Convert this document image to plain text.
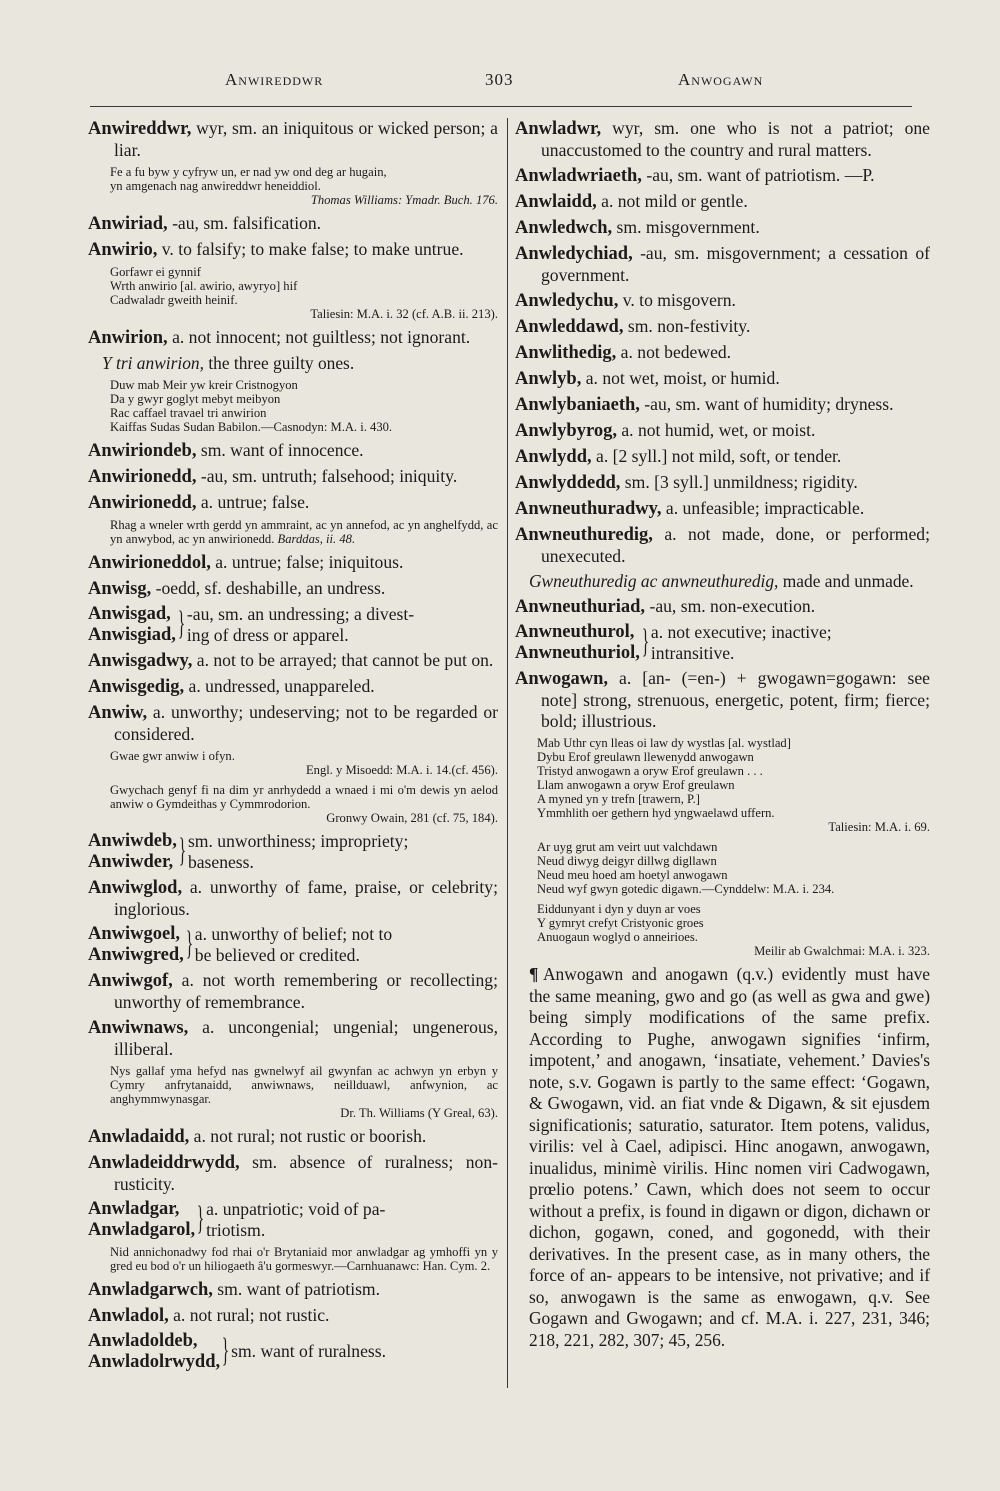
Anwireddwr	303	Anwogawn

Anwireddwr, wyr, sm. an iniquitous or wicked person; a liar.

Fe a fu byw y cyfryw un, er nad yw ond deg ar hugain,
yn amgenach nag anwireddwr heneiddiol.
Thomas Williams: Ymadr. Buch. 176.

Anwiriad, -au, sm. falsification.

Anwirio, v. to falsify; to make false; to make untrue.

Gorfawr ei gynnif
Wrth anwirio [al. awirio, awyryo] hif
Cadwaladr gweith heinif.
Taliesin: M.A. i. 32 (cf. A.B. ii. 213).

Anwirion, a. not innocent; not guiltless; not ignorant.

Y tri anwirion, the three guilty ones.

Duw mab Meir yw kreir Cristnogyon
Da y gwyr goglyt mebyt meibyon
Rac caffael travael tri anwirion
Kaiffas Sudas Sudan Babilon.—Casnodyn: M.A. i. 430.

Anwiriondeb, sm. want of innocence.

Anwirionedd, -au, sm. untruth; falsehood; iniquity.

Anwirionedd, a. untrue; false.

Rhag a wneler wrth gerdd yn ammraint, ac yn annefod, ac yn anghelfydd, ac yn anwybod, ac yn anwirionedd. Barddas, ii. 48.

Anwirioneddol, a. untrue; false; iniquitous.

Anwisg, -oedd, sf. deshabille, an undress.

Anwisgad,
Anwisgiad, } -au, sm. an undressing; a divest-
ing of dress or apparel.

Anwisgadwy, a. not to be arrayed; that cannot be put on.

Anwisgedig, a. undressed, unappareled.

Anwiw, a. unworthy; undeserving; not to be regarded or considered.

Gwae gwr anwiw i ofyn.
Engl. y Misoedd: M.A. i. 14.(cf. 456).

Gwychach genyf fi na dim yr anrhydedd a wnaed i mi o'm dewis yn aelod anwiw o Gymdeithas y Cymmrodorion.

Gronwy Owain, 281 (cf. 75, 184).

Anwiwdeb,
Anwiwder, } sm. unworthiness; impropriety;
baseness.

Anwiwglod, a. unworthy of fame, praise, or celebrity; inglorious.

Anwiwgoel,
Anwiwgred, } a. unworthy of belief; not to
be believed or credited.

Anwiwgof, a. not worth remembering or recollecting; unworthy of remembrance.

Anwiwnaws, a. uncongenial; ungenial; ungenerous, illiberal.

Nys gallaf yma hefyd nas gwnelwyf ail gwynfan ac achwyn yn erbyn y Cymry anfrytanaidd, anwiwnaws, neillduawl, anfwynion, ac anghymmwynasgar.

Dr. Th. Williams (Y Greal, 63).

Anwladaidd, a. not rural; not rustic or boorish.

Anwladeiddrwydd, sm. absence of ruralness; non-rusticity.

Anwladgar,
Anwladgarol, } a. unpatriotic; void of pa-
triotism.

Nid annichonadwy fod rhai o'r Brytaniaid mor anwladgar ag ymhoffi yn y gred eu bod o'r un hiliogaeth â'u gormeswyr.—Carnhuanawc: Han. Cym. 2.

Anwladgarwch, sm. want of patriotism.

Anwladol, a. not rural; not rustic.

Anwladoldeb,
Anwladolrwydd, } sm. want of ruralness.

Anwladwr, wyr, sm. one who is not a patriot; one unaccustomed to the country and rural matters.

Anwladwriaeth, -au, sm. want of patriotism. —P.

Anwlaidd, a. not mild or gentle.

Anwledwch, sm. misgovernment.

Anwledychiad, -au, sm. misgovernment; a cessation of government.

Anwledychu, v. to misgovern.

Anwleddawd, sm. non-festivity.

Anwlithedig, a. not bedewed.

Anwlyb, a. not wet, moist, or humid.

Anwlybaniaeth, -au, sm. want of humidity; dryness.

Anwlybyrog, a. not humid, wet, or moist.

Anwlydd, a. [2 syll.] not mild, soft, or tender.

Anwlyddedd, sm. [3 syll.] unmildness; rigidity.

Anwneuthuradwy, a. unfeasible; impracticable.

Anwneuthuredig, a. not made, done, or performed; unexecuted.

Gwneuthuredig ac anwneuthuredig, made and unmade.

Anwneuthuriad, -au, sm. non-execution.

Anwneuthurol,
Anwneuthuriol, } a. not executive; inactive;
intransitive.

Anwogawn, a. [an- (=en-) + gwogawn=gogawn: see note] strong, strenuous, energetic, potent, firm; fierce; bold; illustrious.

Mab Uthr cyn lleas oi law dy wystlas [al. wystlad]
Dybu Erof greulawn llewenydd anwogawn
Tristyd anwogawn a oryw Erof greulawn . . .
Llam anwogawn a oryw Erof greulawn
A myned yn y trefn [trawern, P.]
Ymmhlith oer gethern hyd yngwaelawd uffern.
Taliesin: M.A. i. 69.
Ar uyg grut am veirt uut valchdawn
Neud diwyg deigyr dillwg digllawn
Neud meu hoed am hoetyl anwogawn
Neud wyf gwyn gotedic digawn.—Cynddelw: M.A. i. 234.
Eiddunyant i dyn y duyn ar voes
Y gymryt crefyt Cristyonic groes
Anuogaun woglyd o anneirioes.
Meilir ab Gwalchmai: M.A. i. 323.

¶ Anwogawn and anogawn (q.v.) evidently must have the same meaning, gwo and go (as well as gwa and gwe) being simply modifications of the same prefix. According to Pughe, anwogawn signifies ‘infirm, impotent,’ and anogawn, ‘insatiate, vehement.’ Davies's note, s.v. Gogawn is partly to the same effect: ‘Gogawn, & Gwogawn, vid. an fiat vnde & Digawn, & sit ejusdem significationis; saturatio, saturator. Item potens, validus, virilis: vel à Cael, adipisci. Hinc anogawn, anwogawn, inualidus, minimè virilis. Hinc nomen viri Cadwogawn, prœlio potens.’ Cawn, which does not seem to occur without a prefix, is found in digawn or digon, dichawn or dichon, gogawn, coned, and gogonedd, with their derivatives. In the present case, as in many others, the force of an- appears to be intensive, not privative; and if so, anwogawn is the same as enwogawn, q.v. See Gogawn and Gwogawn; and cf. M.A. i. 227, 231, 346; 218, 221, 282, 307; 45, 256.
